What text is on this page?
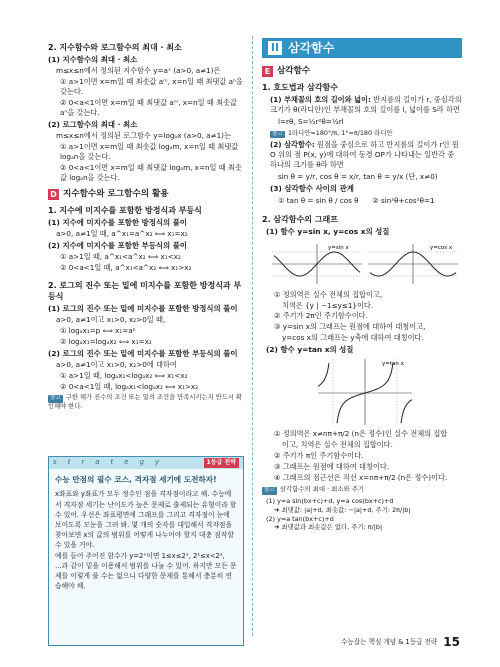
2. 지수함수와 로그함수의 최대 · 최소
(1) 지수함수의 최대 · 최소
m≤x≤n에서 정의된 지수함수 y=aˣ (a>0, a≠1)은
① a>1이면 x=m일 때 최솟값 aᵐ, x=n일 때 최댓값 aⁿ을 갖는다.
② 0<a<1이면 x=m일 때 최댓값 aᵐ, x=n일 때 최솟값 aⁿ을 갖는다.
(2) 로그함수의 최대 · 최소
m≤x≤n에서 정의된 로그함수 y=logₐx (a>0, a≠1)는
① a>1이면 x=m일 때 최솟값 logₐm, x=n일 때 최댓값 logₐn을 갖는다.
② 0<a<1이면 x=m일 때 최댓값 logₐm, x=n일 때 최솟값 logₐn을 갖는다.
D 지수함수와 로그함수의 활용
1. 지수에 미지수를 포함한 방정식과 부등식
(1) 지수에 미지수를 포함한 방정식의 풀이
a>0, a≠1일 때, a^x₁=a^x₂ ⟺ x₁=x₂
(2) 지수에 미지수를 포함한 부등식의 풀이
① a>1일 때, a^x₁<a^x₂ ⟺ x₁<x₂
② 0<a<1일 때, a^x₁<a^x₂ ⟺ x₁>x₂
2. 로그의 진수 또는 밑에 미지수를 포함한 방정식과 부등식
(1) 로그의 진수 또는 밑에 미지수를 포함한 방정식의 풀이
a>0, a≠1이고 x₁>0, x₂>0일 때,
① logₐx₁=p ⟺ x₁=aᵖ
② logₐx₁=logₐx₂ ⟺ x₁=x₂
(2) 로그의 진수 또는 밑에 미지수를 포함한 부등식의 풀이
a>0, a≠1이고 x₁>0, x₂>0에 대하여
① a>1일 때, logₐx₁<logₐx₂ ⟺ x₁<x₂
② 0<a<1일 때, logₐx₁<logₐx₂ ⟺ x₁>x₂
참고 구한 해가 진수의 조건 또는 밑의 조건을 만족시키는지 반드시 확인해야 한다.
strategy	1등급 전략
수능 만점의 필수 코스, 격자점 세기에 도전하자!
x좌표와 y좌표가 모두 정수인 점을 격자점이라고 해. 수능에서 격자점 세기는 난이도가 높은 문제로 출제되는 유형이라 할 수 있어. 우선은 좌표평면에 그래프를 그리고 격자점이 눈에 보이도록 모눈을 그려 봐. 몇 개의 숫자를 대입해서 격자점을 찾아보면 x의 값의 범위를 어떻게 나누어야 할지 대충 짐작할 수 있을 거야.
예를 들어 주어진 함수가 y=2ˣ이면 1≤x≤2ˣ, 2¹≤x<2²,
…과 같이 밑을 이용해서 범위를 나눌 수 있어. 하지만 모든 문제를 이렇게 풀 수는 없으니 다양한 문제를 통해서 충분히 연습해야 해.
II 삼각함수
E 삼각함수
1. 호도법과 삼각함수
(1) 부채꼴의 호의 길이와 넓이: 반지름의 길이가 r, 중심각의 크기가 θ(라디안)인 부채꼴의 호의 길이를 l, 넓이를 S라 하면
l=rθ, S=½r²θ=½rl
참고 1라디안=180°/π, 1°=π/180 라디안
(2) 삼각함수: 원점을 중심으로 하고 반지름의 길이가 r인 원 O 위의 점 P(x, y)에 대하여 동경 OP가 나타내는 일반각 중 하나의 크기를 θ라 하면
sin θ = y/r, cos θ = x/r, tan θ = y/x (단, x≠0)
(3) 삼각함수 사이의 관계
① tan θ = sin θ / cos θ ② sin²θ+cos²θ=1
2. 삼각함수의 그래프
(1) 함수 y=sin x, y=cos x의 성질
y=sin x	y=cos x
① 정의역은 실수 전체의 집합이고,
치역은 {y | −1≤y≤1}이다.
② 주기가 2π인 주기함수이다.
③ y=sin x의 그래프는 원점에 대하여 대칭이고,
y=cos x의 그래프는 y축에 대하여 대칭이다.
(2) 함수 y=tan x의 성질
y=tan x
① 정의역은 x≠nπ+π/2 (n은 정수)인 실수 전체의 집합
이고, 치역은 실수 전체의 집합이다.
② 주기가 π인 주기함수이다.
③ 그래프는 원점에 대하여 대칭이다.
④ 그래프의 점근선은 직선 x=nπ+π/2 (n은 정수)이다.
참고 삼각함수의 최대 · 최소와 주기
(1) y=a sin(bx+c)+d, y=a cos(bx+c)+d
➜ 최댓값: |a|+d, 최솟값: −|a|+d, 주기: 2π/|b|
(2) y=a tan(bx+c)+d
➜ 최댓값과 최솟값은 없다, 주기: π/|b|
수능잡는 핵심 개념 & 1등급 전략 15
